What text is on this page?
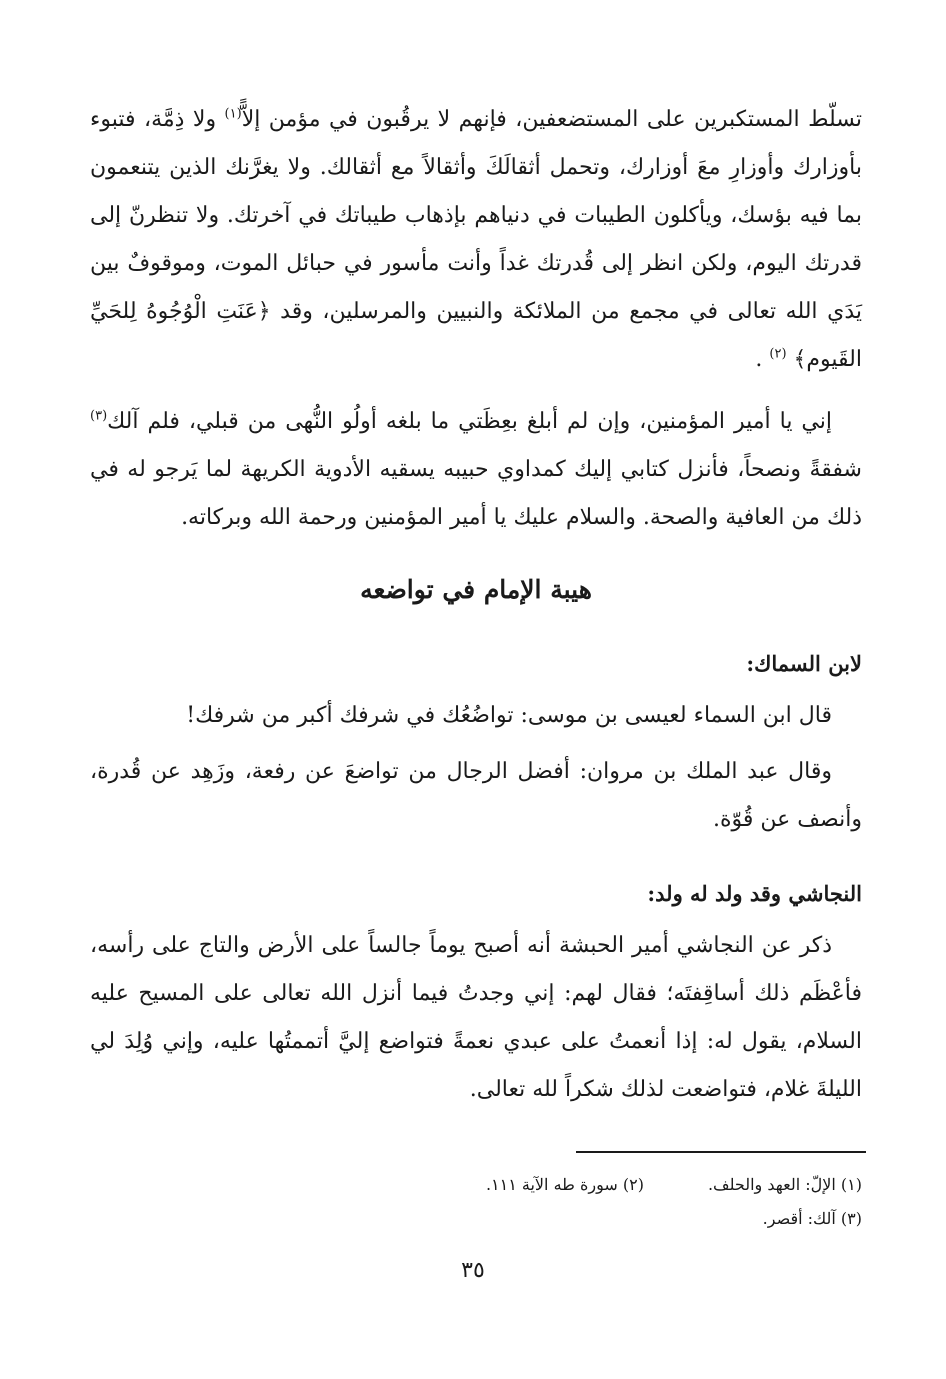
تسلّط المستكبرين على المستضعفين، فإنهم لا يرقُبون في مؤمن إلاًّ$^{(١)}$ ولا ذِمَّة، فتبوء بأوزارك وأوزارِ معَ أوزارك، وتحمل أثقالَكَ وأثقالاً مع أثقالك. ولا يغرَّنك الذين يتنعمون بما فيه بؤسك، ويأكلون الطيبات في دنياهم بإذهاب طيباتك في آخرتك. ولا تنظرنّ إلى قدرتك اليوم، ولكن انظر إلى قُدرتك غداً وأنت مأسور في حبائل الموت، وموقوفٌ بين يَدَي الله تعالى في مجمع من الملائكة والنبيين والمرسلين، وقد ﴿عَنَتِ الْوُجُوهُ لِلحَيِّ القَيوم﴾ $^{(٢)}$ .

إني يا أمير المؤمنين، وإن لم أبلغ بعِظَتي ما بلغه أولُو النُّهى من قبلي، فلم آلك$^{(٣)}$ شفقةً ونصحاً، فأنزل كتابي إليك كمداوي حبيبه يسقيه الأدوية الكريهة لما يَرجو له في ذلك من العافية والصحة. والسلام عليك يا أمير المؤمنين ورحمة الله وبركاته.

هيبة الإمام في تواضعه
لابن السماك:

قال ابن السماء لعيسى بن موسى: تواضُعُك في شرفك أكبر من شرفك!

وقال عبد الملك بن مروان: أفضل الرجال من تواضعَ عن رفعة، وزَهِد عن قُدرة، وأنصف عن قُوّة.

النجاشي وقد ولد له ولد:

ذكر عن النجاشي أمير الحبشة أنه أصبح يوماً جالساً على الأرض والتاج على رأسه، فأعْظَم ذلك أساقِفتَه؛ فقال لهم: إني وجدتُ فيما أنزل الله تعالى على المسيح عليه السلام، يقول له: إذا أنعمتُ على عبدي نعمةً فتواضع إليَّ أتممتُها عليه، وإني وُلِدَ لي الليلةَ غلام، فتواضعت لذلك شكراً لله تعالى.

(١) الإلّ: العهد والحلف.
(٢) سورة طه الآية ١١١.
(٣) آلك: أقصر.
٣٥
